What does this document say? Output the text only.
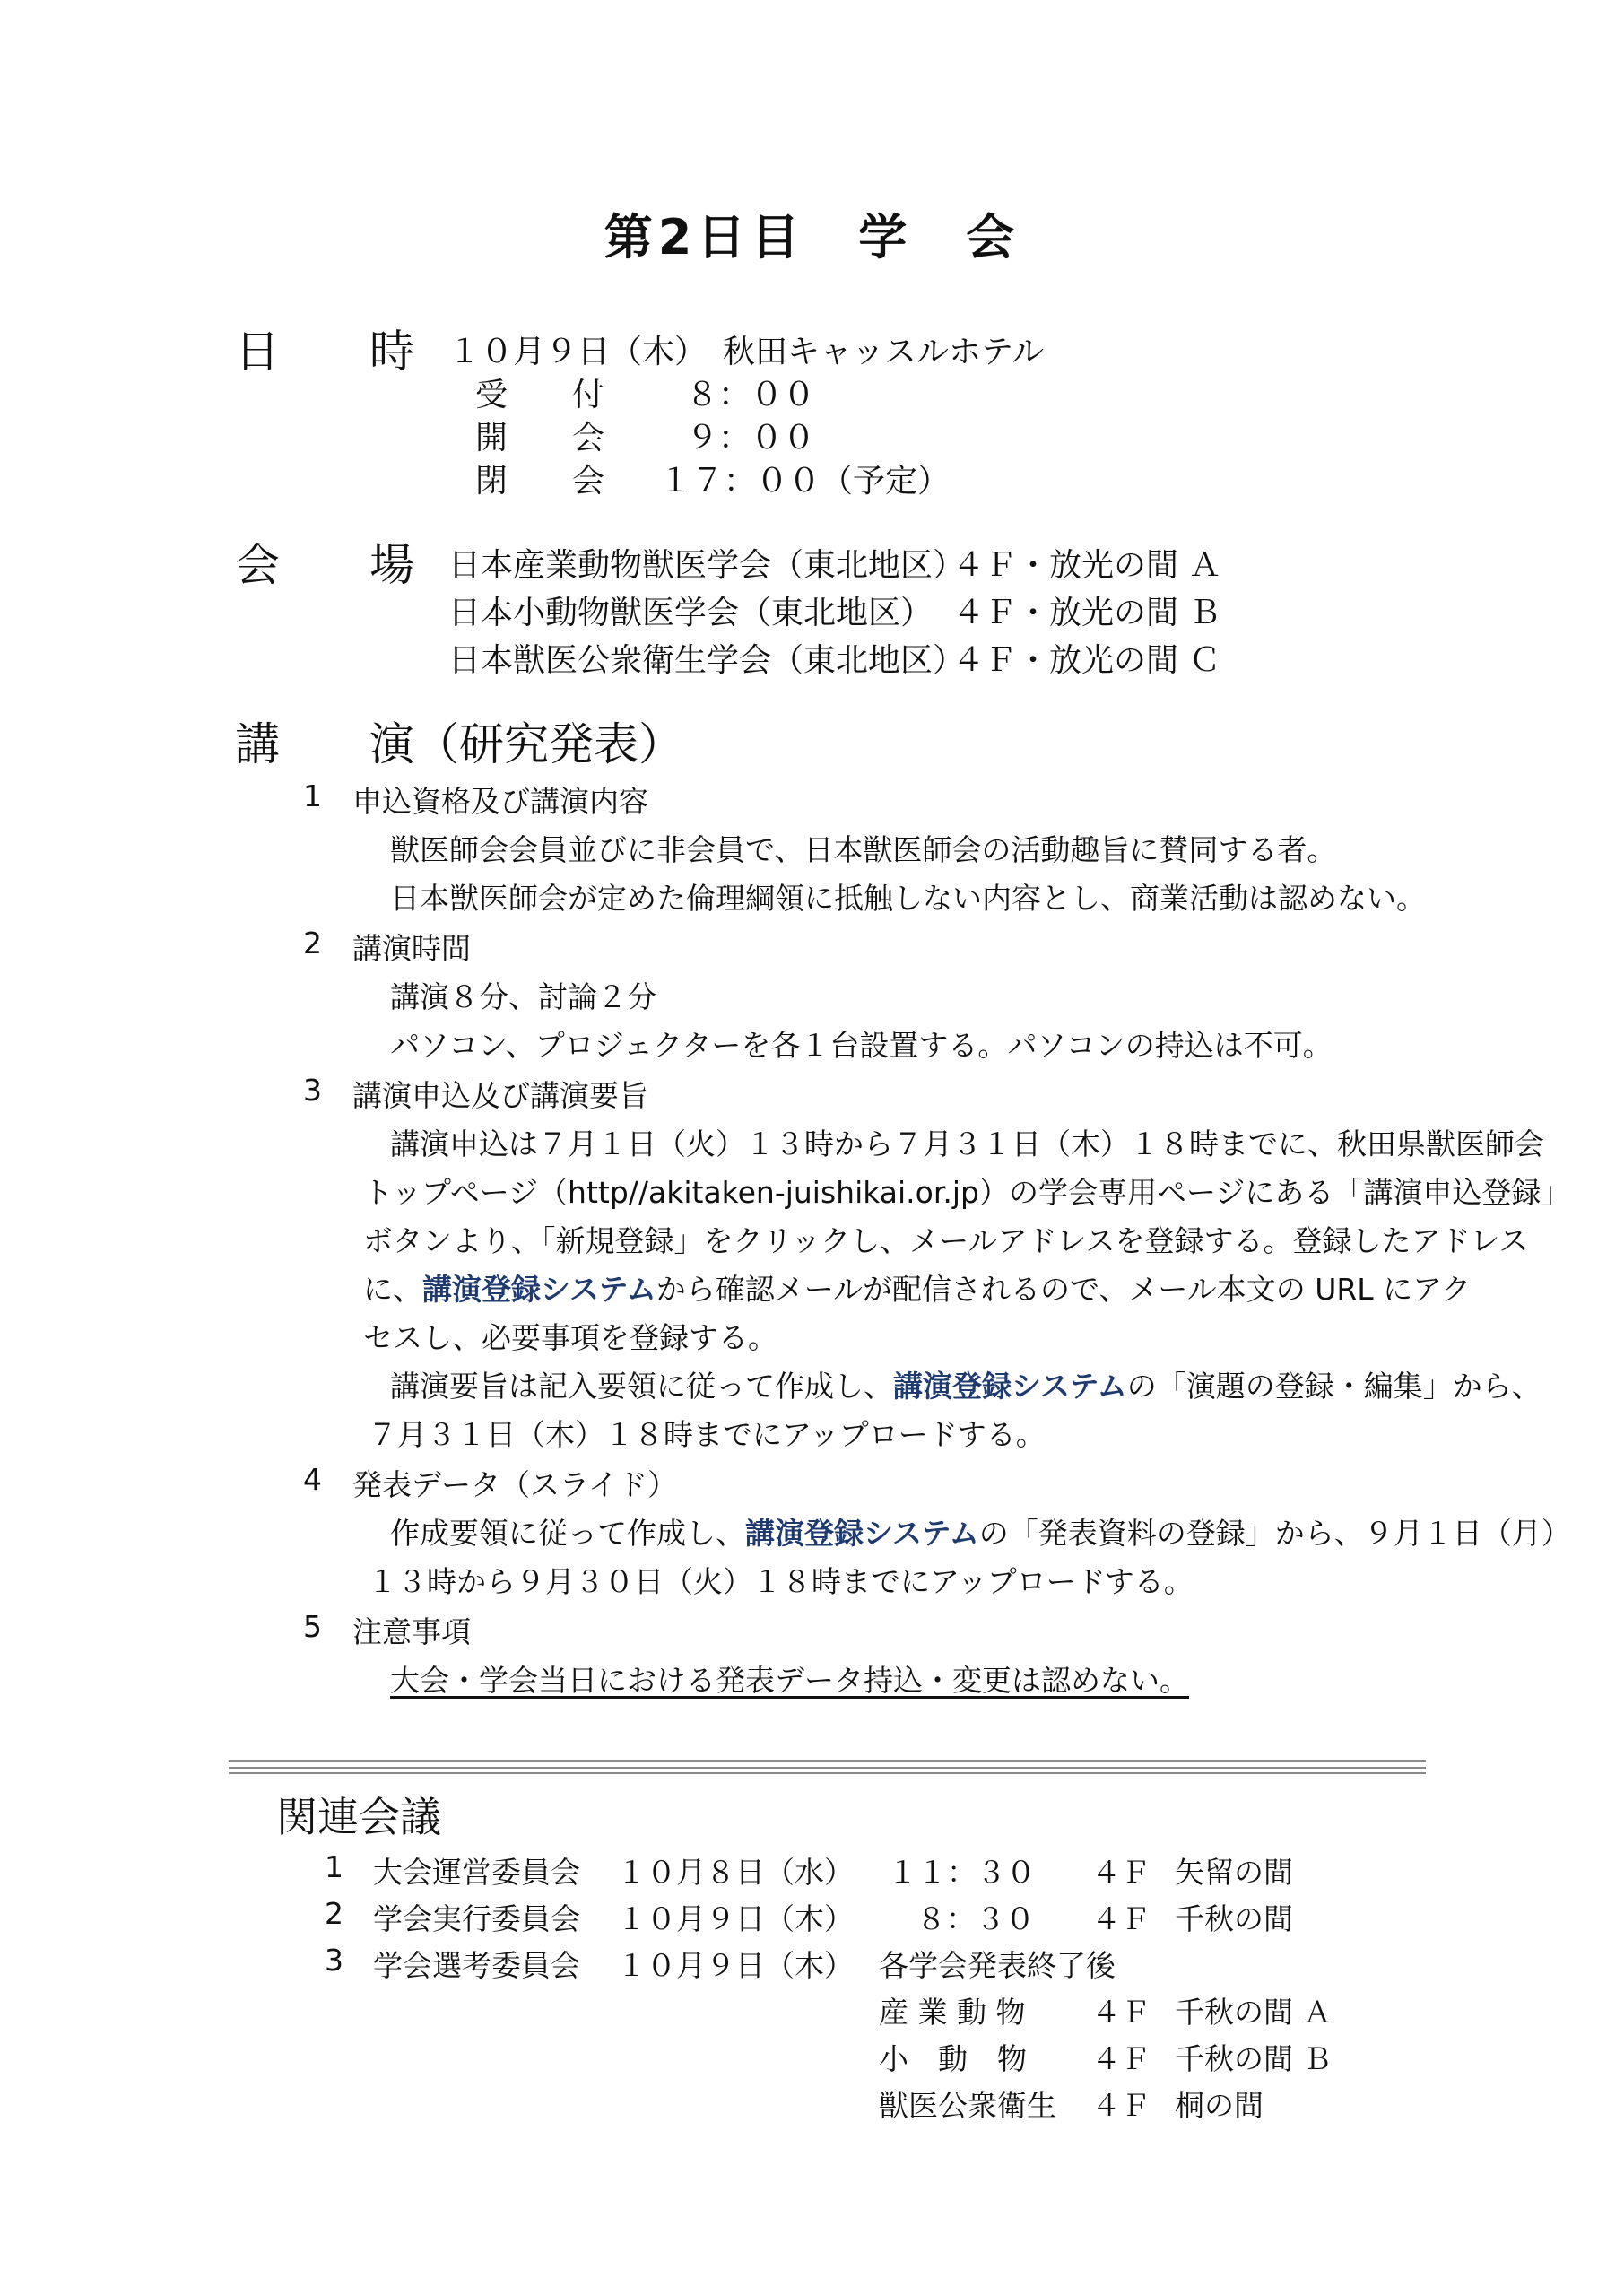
第2日目　学　会
日　　時 １０月９日（木）　秋田キャッスルホテル
受　　付	８：００
開　　会	９：００
閉　　会 １７：００（予定）
会　　場 日本産業動物獣医学会（東北地区）
４Ｆ・放光の間 Ａ
日本小動物獣医学会（東北地区） ４Ｆ・放光の間 Ｂ
日本獣医公衆衛生学会（東北地区）
４Ｆ・放光の間 Ｃ
講　　演（研究発表）
1 申込資格及び講演内容
獣医師会会員並びに非会員で、日本獣医師会の活動趣旨に賛同する者。
日本獣医師会が定めた倫理綱領に抵触しない内容とし、商業活動は認めない。
2 講演時間
講演８分、討論２分
パソコン、プロジェクターを各１台設置する。パソコンの持込は不可。
3 講演申込及び講演要旨
講演申込は７月１日（火）１３時から７月３１日（木）１８時までに、秋田県獣医師会
トップページ（http//akitaken-juishikai.or.jp）の学会専用ページにある「講演申込登録」
ボタンより、「新規登録」をクリックし、メールアドレスを登録する。登録したアドレス
に、講演登録システムから確認メールが配信されるので、メール本文の URL にアク
セスし、必要事項を登録する。
講演要旨は記入要領に従って作成し、講演登録システムの「演題の登録・編集」から、
７月３１日（木）１８時までにアップロードする。
4 発表データ（スライド）
作成要領に従って作成し、講演登録システムの「発表資料の登録」から、９月１日（月）
１３時から９月３０日（火）１８時までにアップロードする。
5 注意事項
大会・学会当日における発表データ持込・変更は認めない。
関連会議
1 大会運営委員会 １０月８日（水） １１：３０ ４Ｆ 矢留の間
2 学会実行委員会 １０月９日（木） ８：３０ ４Ｆ 千秋の間
3 学会選考委員会 １０月９日（木） 各学会発表終了後
産 業 動 物 ４Ｆ 千秋の間 Ａ
小　動　物 ４Ｆ 千秋の間 Ｂ
獣医公衆衛生 ４Ｆ 桐の間
